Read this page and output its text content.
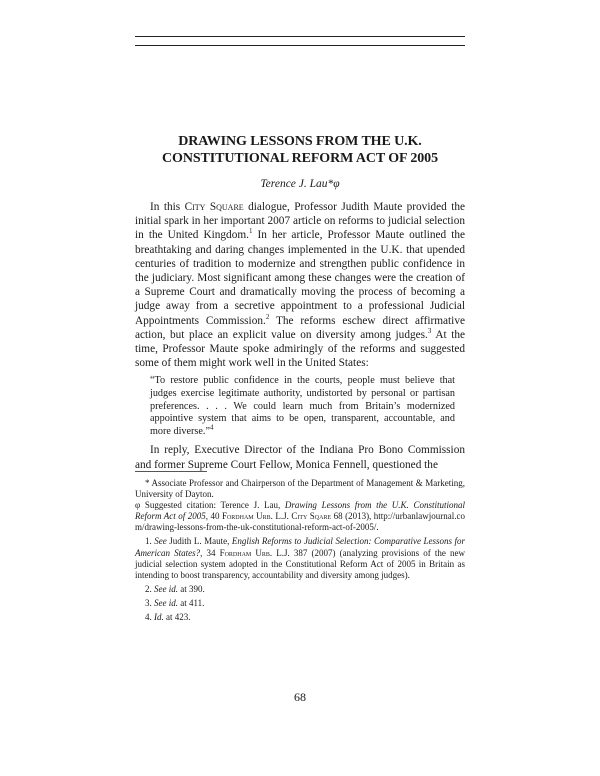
DRAWING LESSONS FROM THE U.K.
CONSTITUTIONAL REFORM ACT OF 2005
Terence J. Lau*φ

In this City Square dialogue, Professor Judith Maute provided the initial spark in her important 2007 article on reforms to judicial selection in the United Kingdom.$^1$ In her article, Professor Maute outlined the breathtaking and daring changes implemented in the U.K. that upended centuries of tradition to modernize and strengthen public confidence in the judiciary. Most significant among these changes were the creation of a Supreme Court and dramatically moving the process of becoming a judge away from a secretive appointment to a professional Judicial Appointments Commission.$^2$ The reforms eschew direct affirmative action, but place an explicit value on diversity among judges.$^3$ At the time, Professor Maute spoke admiringly of the reforms and suggested some of them might work well in the United States:

“To restore public confidence in the courts, people must believe that judges exercise legitimate authority, undistorted by personal or partisan preferences. . . . We could learn much from Britain’s modernized appointive system that aims to be open, transparent, accountable, and more diverse.”$^4$

In reply, Executive Director of the Indiana Pro Bono Commission and former Supreme Court Fellow, Monica Fennell, questioned the

* Associate Professor and Chairperson of the Department of Management & Marketing, University of Dayton.
φ Suggested citation: Terence J. Lau, Drawing Lessons from the U.K. Constitutional Reform Act of 2005, 40 Fordham Urb. L.J. City Sqare 68 (2013), http://urbanlawjournal.com/drawing-lessons-from-the-uk-constitutional-reform-act-of-2005/.
1. See Judith L. Maute, English Reforms to Judicial Selection: Comparative Lessons for American States?, 34 Fordham Urb. L.J. 387 (2007) (analyzing provisions of the new judicial selection system adopted in the Constitutional Reform Act of 2005 in Britain as intending to boost transparency, accountability and diversity among judges).
2. See id. at 390.
3. See id. at 411.
4. Id. at 423.
68
